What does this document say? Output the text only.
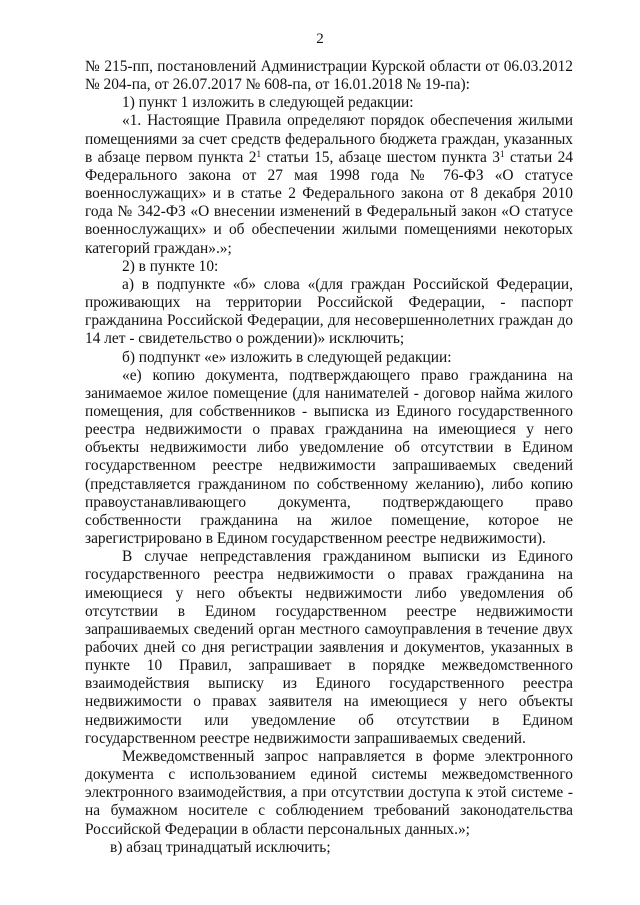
2

№ 215-пп, постановлений Администрации Курской области от 06.03.2012 № 204-па, от 26.07.2017 № 608-па, от 16.01.2018 № 19-па):

1) пункт 1 изложить в следующей редакции:

«1. Настоящие Правила определяют порядок обеспечения жилыми помещениями за счет средств федерального бюджета граждан, указанных в абзаце первом пункта $2^1$ статьи 15, абзаце шестом пункта $3^1$ статьи 24 Федерального закона от 27 мая 1998 года № 76-ФЗ «О статусе военнослужащих» и в статье 2 Федерального закона от 8 декабря 2010 года № 342-ФЗ «О внесении изменений в Федеральный закон «О статусе военнослужащих» и об обеспечении жилыми помещениями некоторых категорий граждан».»;

2) в пункте 10:

а) в подпункте «б» слова «(для граждан Российской Федерации, проживающих на территории Российской Федерации, - паспорт гражданина Российской Федерации, для несовершеннолетних граждан до 14 лет - свидетельство о рождении)» исключить;

б) подпункт «е» изложить в следующей редакции:

«е) копию документа, подтверждающего право гражданина на занимаемое жилое помещение (для нанимателей - договор найма жилого помещения, для собственников - выписка из Единого государственного реестра недвижимости о правах гражданина на имеющиеся у него объекты недвижимости либо уведомление об отсутствии в Едином государственном реестре недвижимости запрашиваемых сведений (представляется гражданином по собственному желанию), либо копию правоустанавливающего документа, подтверждающего право собственности гражданина на жилое помещение, которое не зарегистрировано в Едином государственном реестре недвижимости).

В случае непредставления гражданином выписки из Единого государственного реестра недвижимости о правах гражданина на имеющиеся у него объекты недвижимости либо уведомления об отсутствии в Едином государственном реестре недвижимости запрашиваемых сведений орган местного самоуправления в течение двух рабочих дней со дня регистрации заявления и документов, указанных в пункте 10 Правил, запрашивает в порядке межведомственного взаимодействия выписку из Единого государственного реестра недвижимости о правах заявителя на имеющиеся у него объекты недвижимости или уведомление об отсутствии в Едином государственном реестре недвижимости запрашиваемых сведений.

Межведомственный запрос направляется в форме электронного документа с использованием единой системы межведомственного электронного взаимодействия, а при отсутствии доступа к этой системе - на бумажном носителе с соблюдением требований законодательства Российской Федерации в области персональных данных.»;

в) абзац тринадцатый исключить;
